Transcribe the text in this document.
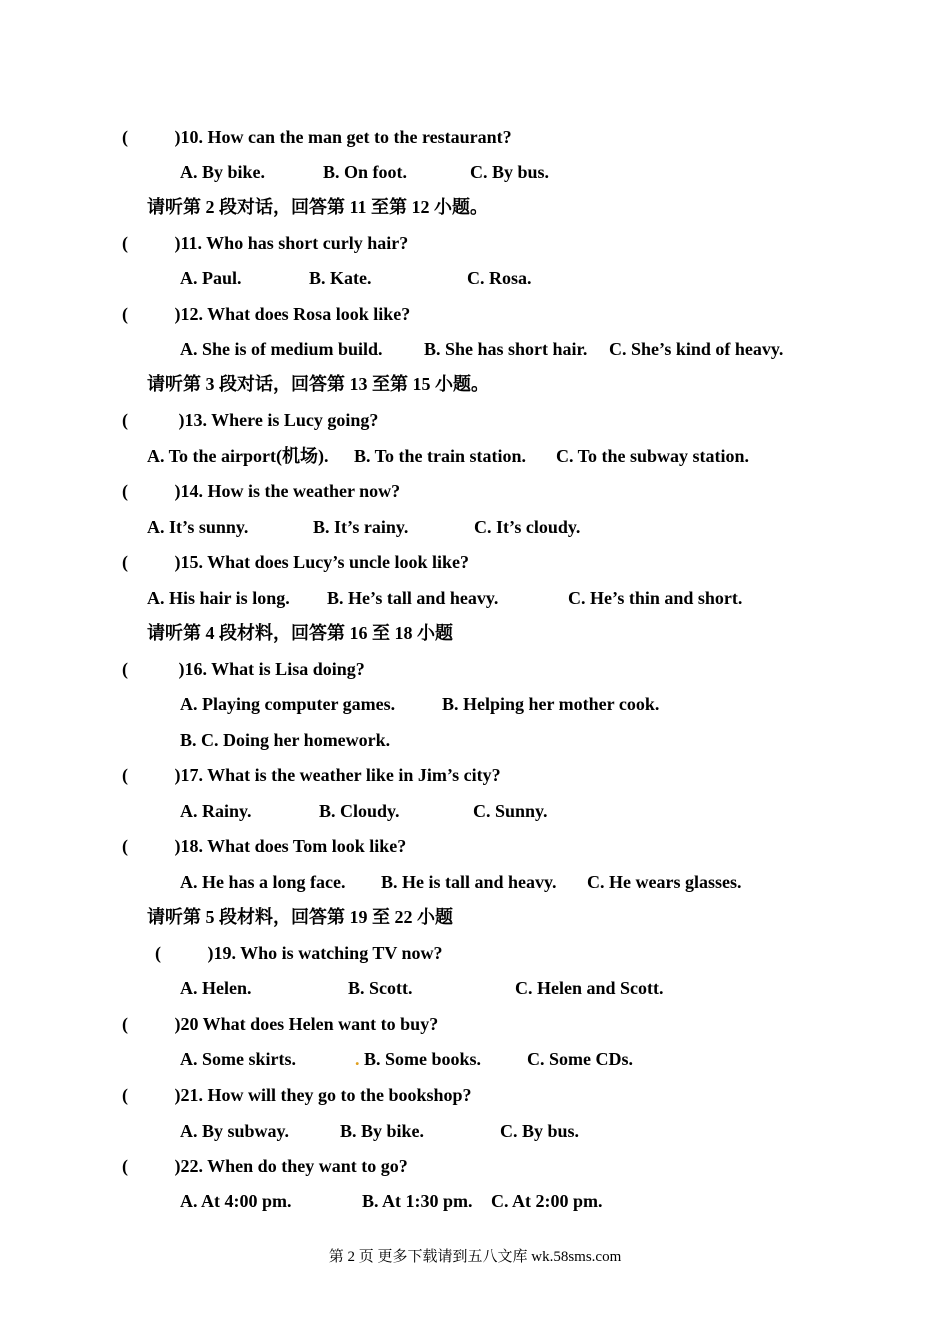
(	)10. How can the man get to the restaurant?
A. By bike.	B. On foot.	C. By bus.
请听第 2 段对话，回答第 11 至第 12 小题。
(	)11. Who has short curly hair?
A. Paul.	B. Kate.	C. Rosa.
(	)12. What does Rosa look like?
A. She is of medium build. B. She has short hair. C. She’s kind of heavy.
请听第 3 段对话，回答第 13 至第 15 小题。
(	)13. Where is Lucy going?
A. To the airport(机场). B. To the train station. C. To the subway station.
(	)14. How is the weather now?
A. It’s sunny.	B. It’s rainy.	C. It’s cloudy.
(	)15. What does Lucy’s uncle look like?
A. His hair is long. B. He’s tall and heavy.	C. He’s thin and short.
请听第 4 段材料，回答第 16 至 18 小题
(	)16. What is Lisa doing?
A. Playing computer games.	B. Helping her mother cook.
B. C. Doing her homework.
(	)17. What is the weather like in Jim’s city?
A. Rainy.	B. Cloudy.	C. Sunny.
(	)18. What does Tom look like?
A. He has a long face. B. He is tall and heavy. C. He wears glasses.
请听第 5 段材料，回答第 19 至 22 小题
(	)19. Who is watching TV now?
A. Helen.	B. Scott.	C. Helen and Scott.
(	)20 What does Helen want to buy?
A. Some skirts.	. B. Some books.	C. Some CDs.
(	)21. How will they go to the bookshop?
A. By subway.	B. By bike.	C. By bus.
(	)22. When do they want to go?
A. At 4:00 pm.	B. At 1:30 pm. C. At 2:00 pm.
第 2 页 更多下载请到五八文库 wk.58sms.com
